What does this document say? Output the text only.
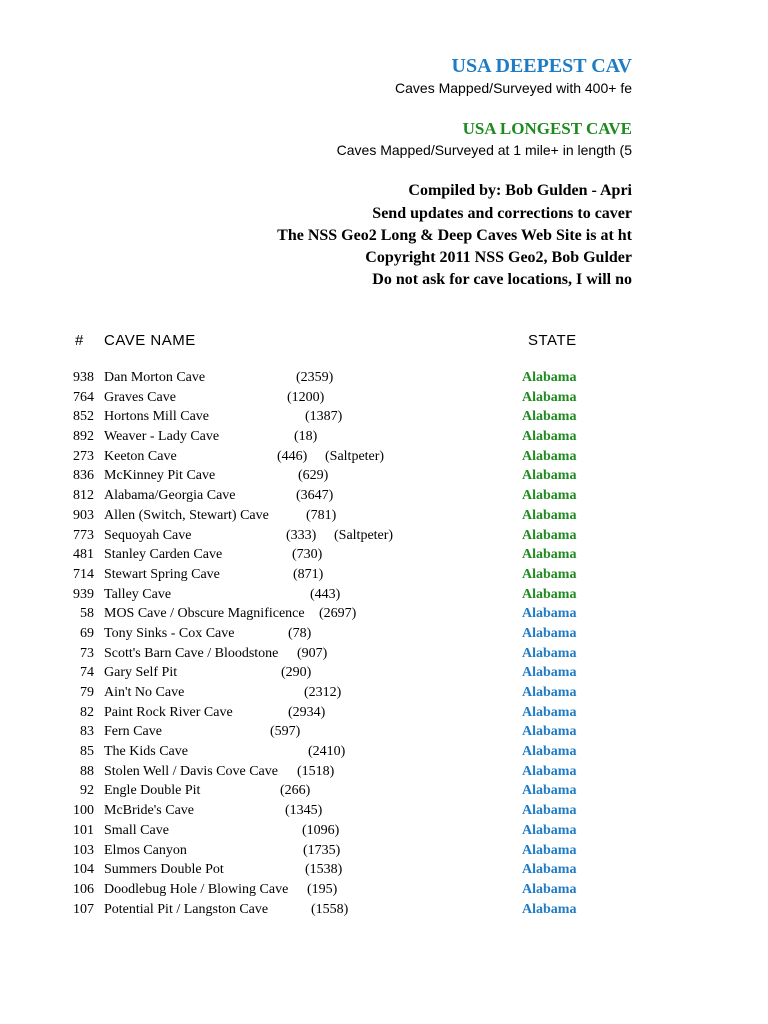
USA DEEPEST CAV
Caves Mapped/Surveyed with 400+ fe
USA LONGEST CAVE
Caves Mapped/Surveyed at 1 mile+ in length (5
Compiled by: Bob Gulden - Apri
Send updates and corrections to caver
The NSS Geo2 Long & Deep Caves Web Site is at ht
Copyright 2011 NSS Geo2, Bob Gulder
Do not ask for cave locations, I will no
# CAVE NAME	STATE
938 Dan Morton Cave	(2359)	Alabama
764 Graves Cave	(1200)	Alabama
852 Hortons Mill Cave	(1387)	Alabama
892 Weaver - Lady Cave	(18)	Alabama
273 Keeton Cave	(446) (Saltpeter)	Alabama
836 McKinney Pit Cave	(629)	Alabama
812 Alabama/Georgia Cave	(3647)	Alabama
903 Allen (Switch, Stewart) Cave	(781)	Alabama
773 Sequoyah Cave	(333) (Saltpeter)	Alabama
481 Stanley Carden Cave	(730)	Alabama
714 Stewart Spring Cave	(871)	Alabama
939 Talley Cave	(443)	Alabama
58 MOS Cave / Obscure Magnificence (2697)	Alabama
69 Tony Sinks - Cox Cave	(78)	Alabama
73 Scott's Barn Cave / Bloodstone (907)	Alabama
74 Gary Self Pit	(290)	Alabama
79 Ain't No Cave	(2312)	Alabama
82 Paint Rock River Cave	(2934)	Alabama
83 Fern Cave	(597)	Alabama
85 The Kids Cave	(2410)	Alabama
88 Stolen Well / Davis Cove Cave (1518)	Alabama
92 Engle Double Pit	(266)	Alabama
100 McBride's Cave	(1345)	Alabama
101 Small Cave	(1096)	Alabama
103 Elmos Canyon	(1735)	Alabama
104 Summers Double Pot	(1538)	Alabama
106 Doodlebug Hole / Blowing Cave (195)	Alabama
107 Potential Pit / Langston Cave	(1558)	Alabama
